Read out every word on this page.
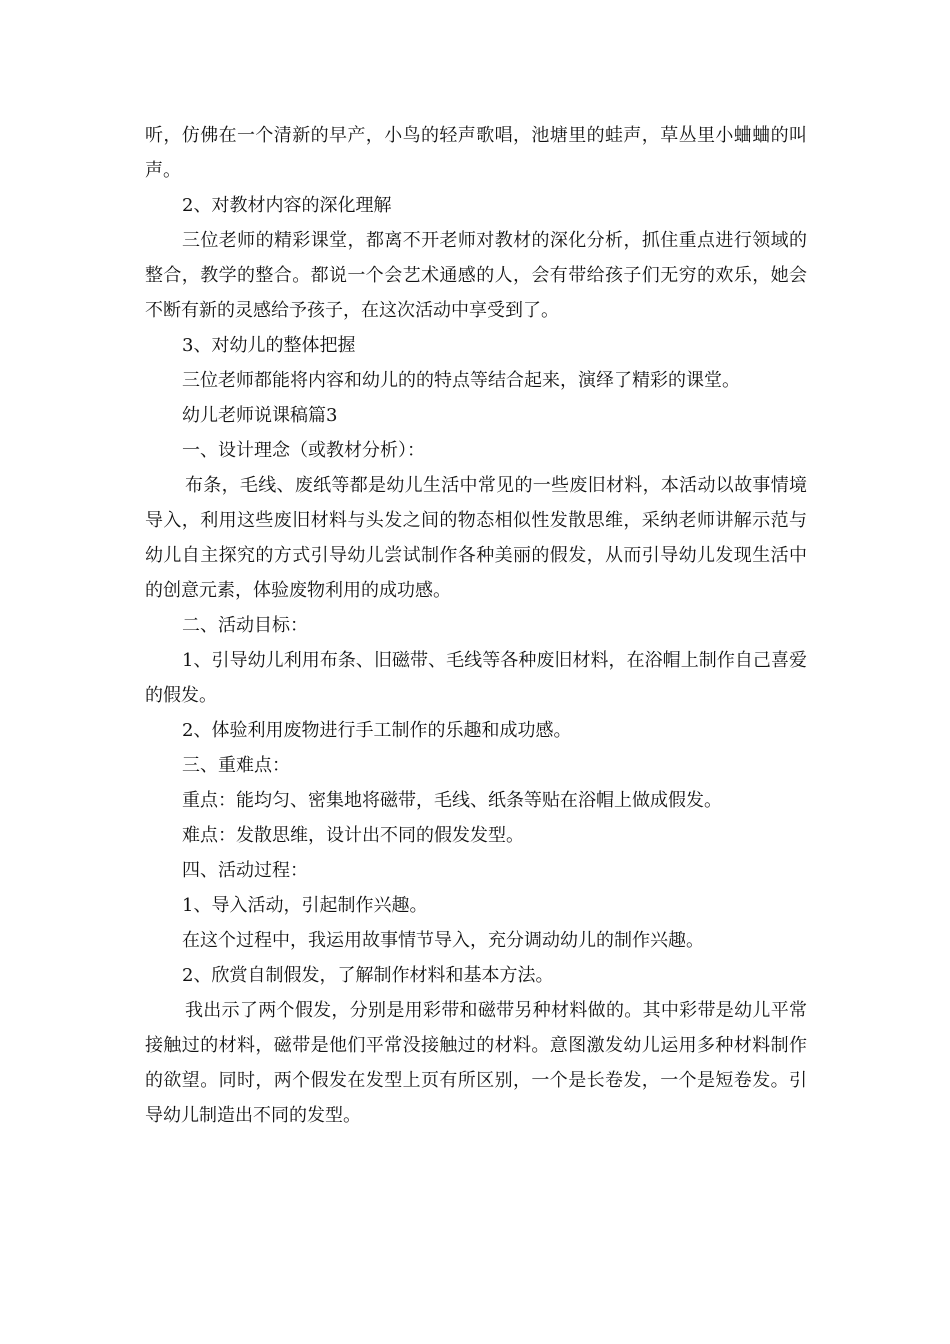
听，仿佛在一个清新的早产，小鸟的轻声歌唱，池塘里的蛙声，草丛里小蛐蛐的叫声。

2、对教材内容的深化理解

三位老师的精彩课堂，都离不开老师对教材的深化分析，抓住重点进行领域的整合，教学的整合。都说一个会艺术通感的人，会有带给孩子们无穷的欢乐，她会不断有新的灵感给予孩子，在这次活动中享受到了。

3、对幼儿的整体把握

三位老师都能将内容和幼儿的的特点等结合起来，演绎了精彩的课堂。

幼儿老师说课稿篇3

一、设计理念（或教材分析）：

布条，毛线、废纸等都是幼儿生活中常见的一些废旧材料，本活动以故事情境导入，利用这些废旧材料与头发之间的物态相似性发散思维，采纳老师讲解示范与幼儿自主探究的方式引导幼儿尝试制作各种美丽的假发，从而引导幼儿发现生活中的创意元素，体验废物利用的成功感。

二、活动目标：

1、引导幼儿利用布条、旧磁带、毛线等各种废旧材料，在浴帽上制作自己喜爱的假发。

2、体验利用废物进行手工制作的乐趣和成功感。

三、重难点：

重点：能均匀、密集地将磁带，毛线、纸条等贴在浴帽上做成假发。

难点：发散思维，设计出不同的假发发型。

四、活动过程：

1、导入活动，引起制作兴趣。

在这个过程中，我运用故事情节导入，充分调动幼儿的制作兴趣。

2、欣赏自制假发，了解制作材料和基本方法。

我出示了两个假发，分别是用彩带和磁带另种材料做的。其中彩带是幼儿平常接触过的材料，磁带是他们平常没接触过的材料。意图激发幼儿运用多种材料制作的欲望。同时，两个假发在发型上页有所区别，一个是长卷发，一个是短卷发。引导幼儿制造出不同的发型。
